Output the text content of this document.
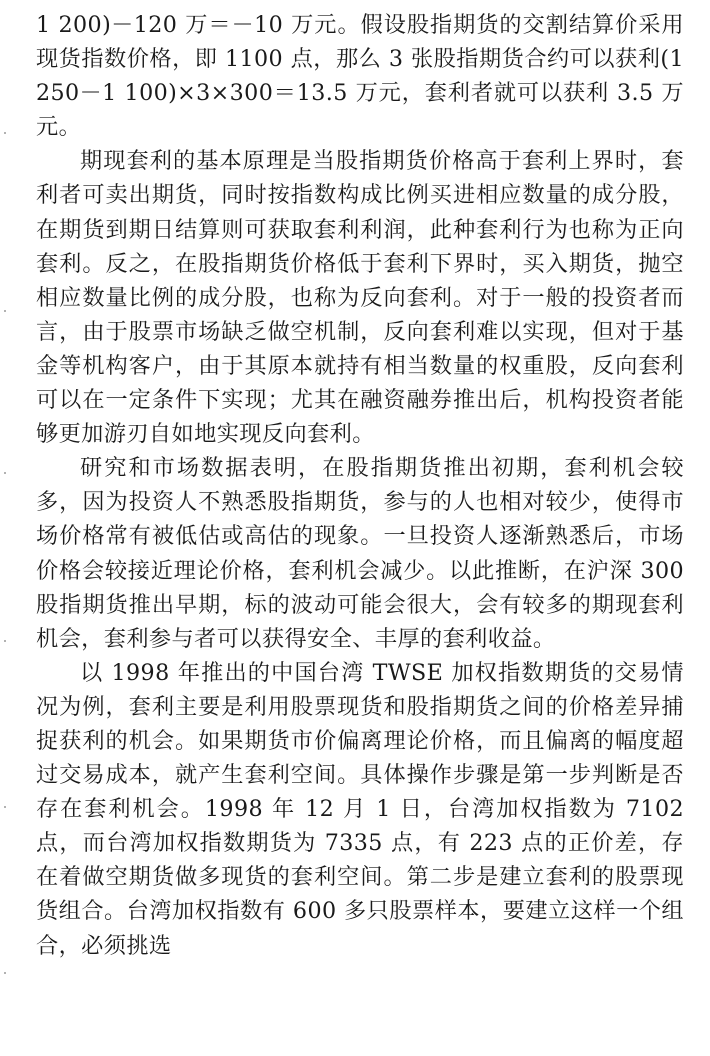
1 200)－120 万＝－10 万元。假设股指期货的交割结算价采用现货指数价格，即 1100 点，那么 3 张股指期货合约可以获利(1 250－1 100)×3×300＝13.5 万元，套利者就可以获利 3.5 万元。

期现套利的基本原理是当股指期货价格高于套利上界时，套利者可卖出期货，同时按指数构成比例买进相应数量的成分股，在期货到期日结算则可获取套利利润，此种套利行为也称为正向套利。反之，在股指期货价格低于套利下界时，买入期货，抛空相应数量比例的成分股，也称为反向套利。对于一般的投资者而言，由于股票市场缺乏做空机制，反向套利难以实现，但对于基金等机构客户，由于其原本就持有相当数量的权重股，反向套利可以在一定条件下实现；尤其在融资融券推出后，机构投资者能够更加游刃自如地实现反向套利。

研究和市场数据表明，在股指期货推出初期，套利机会较多，因为投资人不熟悉股指期货，参与的人也相对较少，使得市场价格常有被低估或高估的现象。一旦投资人逐渐熟悉后，市场价格会较接近理论价格，套利机会减少。以此推断，在沪深 300 股指期货推出早期，标的波动可能会很大，会有较多的期现套利机会，套利参与者可以获得安全、丰厚的套利收益。

以 1998 年推出的中国台湾 TWSE 加权指数期货的交易情况为例，套利主要是利用股票现货和股指期货之间的价格差异捕捉获利的机会。如果期货市价偏离理论价格，而且偏离的幅度超过交易成本，就产生套利空间。具体操作步骤是第一步判断是否存在套利机会。1998 年 12 月 1 日，台湾加权指数为 7102 点，而台湾加权指数期货为 7335 点，有 223 点的正价差，存在着做空期货做多现货的套利空间。第二步是建立套利的股票现货组合。台湾加权指数有 600 多只股票样本，要建立这样一个组合，必须挑选
